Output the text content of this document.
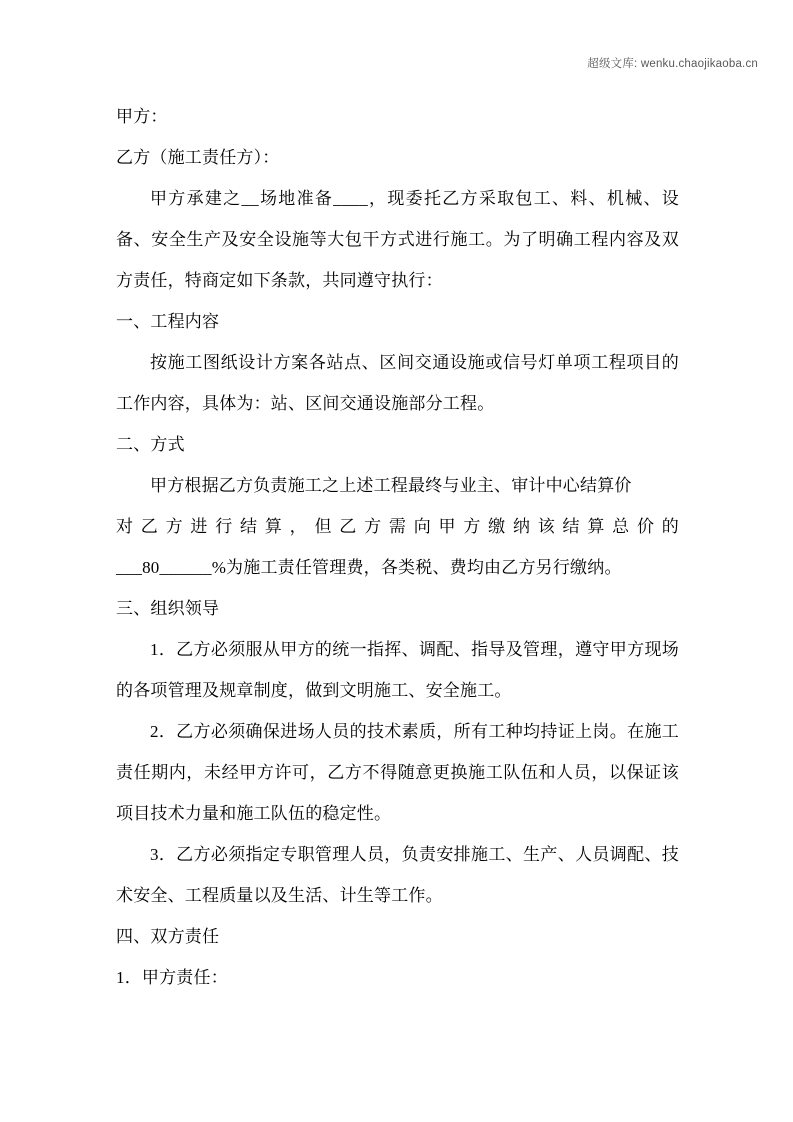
超级文库: wenku.chaojikaoba.cn

甲方：

乙方（施工责任方）：

甲方承建之__场地准备____，现委托乙方采取包工、料、机械、设备、安全生产及安全设施等大包干方式进行施工。为了明确工程内容及双方责任，特商定如下条款，共同遵守执行：

一、工程内容

按施工图纸设计方案各站点、区间交通设施或信号灯单项工程项目的工作内容，具体为：站、区间交通设施部分工程。

二、方式

甲方根据乙方负责施工之上述工程最终与业主、审计中心结算价

对乙方进行结算，但乙方需向甲方缴纳该结算总价的

___80______%为施工责任管理费，各类税、费均由乙方另行缴纳。

三、组织领导

1．乙方必须服从甲方的统一指挥、调配、指导及管理，遵守甲方现场的各项管理及规章制度，做到文明施工、安全施工。

2．乙方必须确保进场人员的技术素质，所有工种均持证上岗。在施工责任期内，未经甲方许可，乙方不得随意更换施工队伍和人员，以保证该项目技术力量和施工队伍的稳定性。

3．乙方必须指定专职管理人员，负责安排施工、生产、人员调配、技术安全、工程质量以及生活、计生等工作。

四、双方责任

1．甲方责任：
